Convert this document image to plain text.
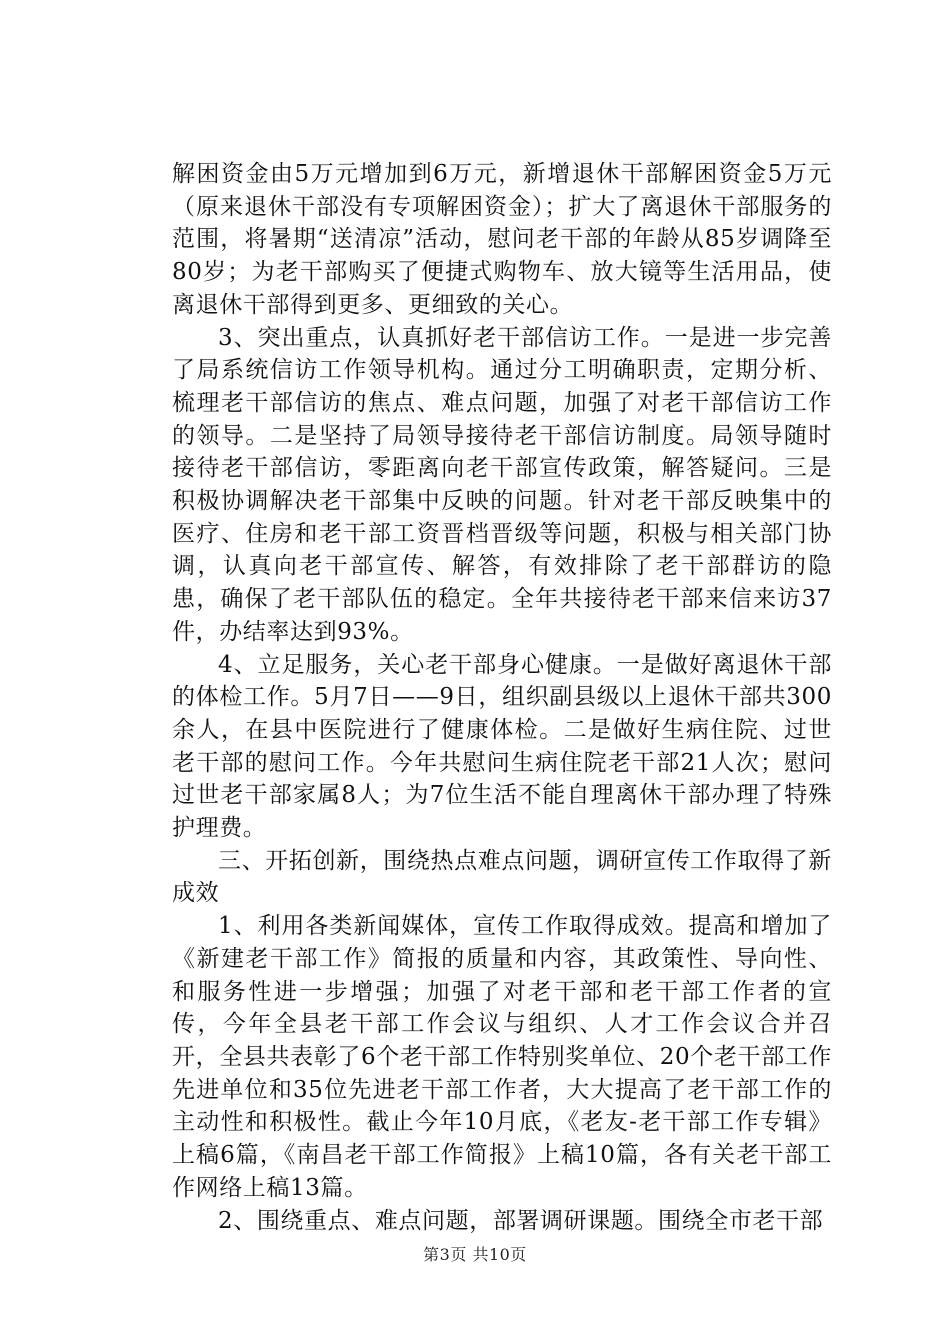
解困资金由5万元增加到6万元，新增退休干部解困资金5万元（原来退休干部没有专项解困资金）；扩大了离退休干部服务的范围，将暑期“送清凉”活动，慰问老干部的年龄从85岁调降至80岁；为老干部购买了便捷式购物车、放大镜等生活用品，使离退休干部得到更多、更细致的关心。

3、突出重点，认真抓好老干部信访工作。一是进一步完善了局系统信访工作领导机构。通过分工明确职责，定期分析、梳理老干部信访的焦点、难点问题，加强了对老干部信访工作的领导。二是坚持了局领导接待老干部信访制度。局领导随时接待老干部信访，零距离向老干部宣传政策，解答疑问。三是积极协调解决老干部集中反映的问题。针对老干部反映集中的医疗、住房和老干部工资晋档晋级等问题，积极与相关部门协调，认真向老干部宣传、解答，有效排除了老干部群访的隐患，确保了老干部队伍的稳定。全年共接待老干部来信来访37件，办结率达到93%。

4、立足服务，关心老干部身心健康。一是做好离退休干部的体检工作。5月7日——9日，组织副县级以上退休干部共300余人，在县中医院进行了健康体检。二是做好生病住院、过世老干部的慰问工作。今年共慰问生病住院老干部21人次；慰问过世老干部家属8人；为7位生活不能自理离休干部办理了特殊护理费。

三、开拓创新，围绕热点难点问题，调研宣传工作取得了新成效

1、利用各类新闻媒体，宣传工作取得成效。提高和增加了《新建老干部工作》简报的质量和内容，其政策性、导向性、和服务性进一步增强；加强了对老干部和老干部工作者的宣传，今年全县老干部工作会议与组织、人才工作会议合并召开，全县共表彰了6个老干部工作特别奖单位、20个老干部工作先进单位和35位先进老干部工作者，大大提高了老干部工作的主动性和积极性。截止今年10月底，《老友-老干部工作专辑》上稿6篇，《南昌老干部工作简报》上稿10篇，各有关老干部工作网络上稿13篇。

2、围绕重点、难点问题，部署调研课题。围绕全市老干部

第3页 共10页
